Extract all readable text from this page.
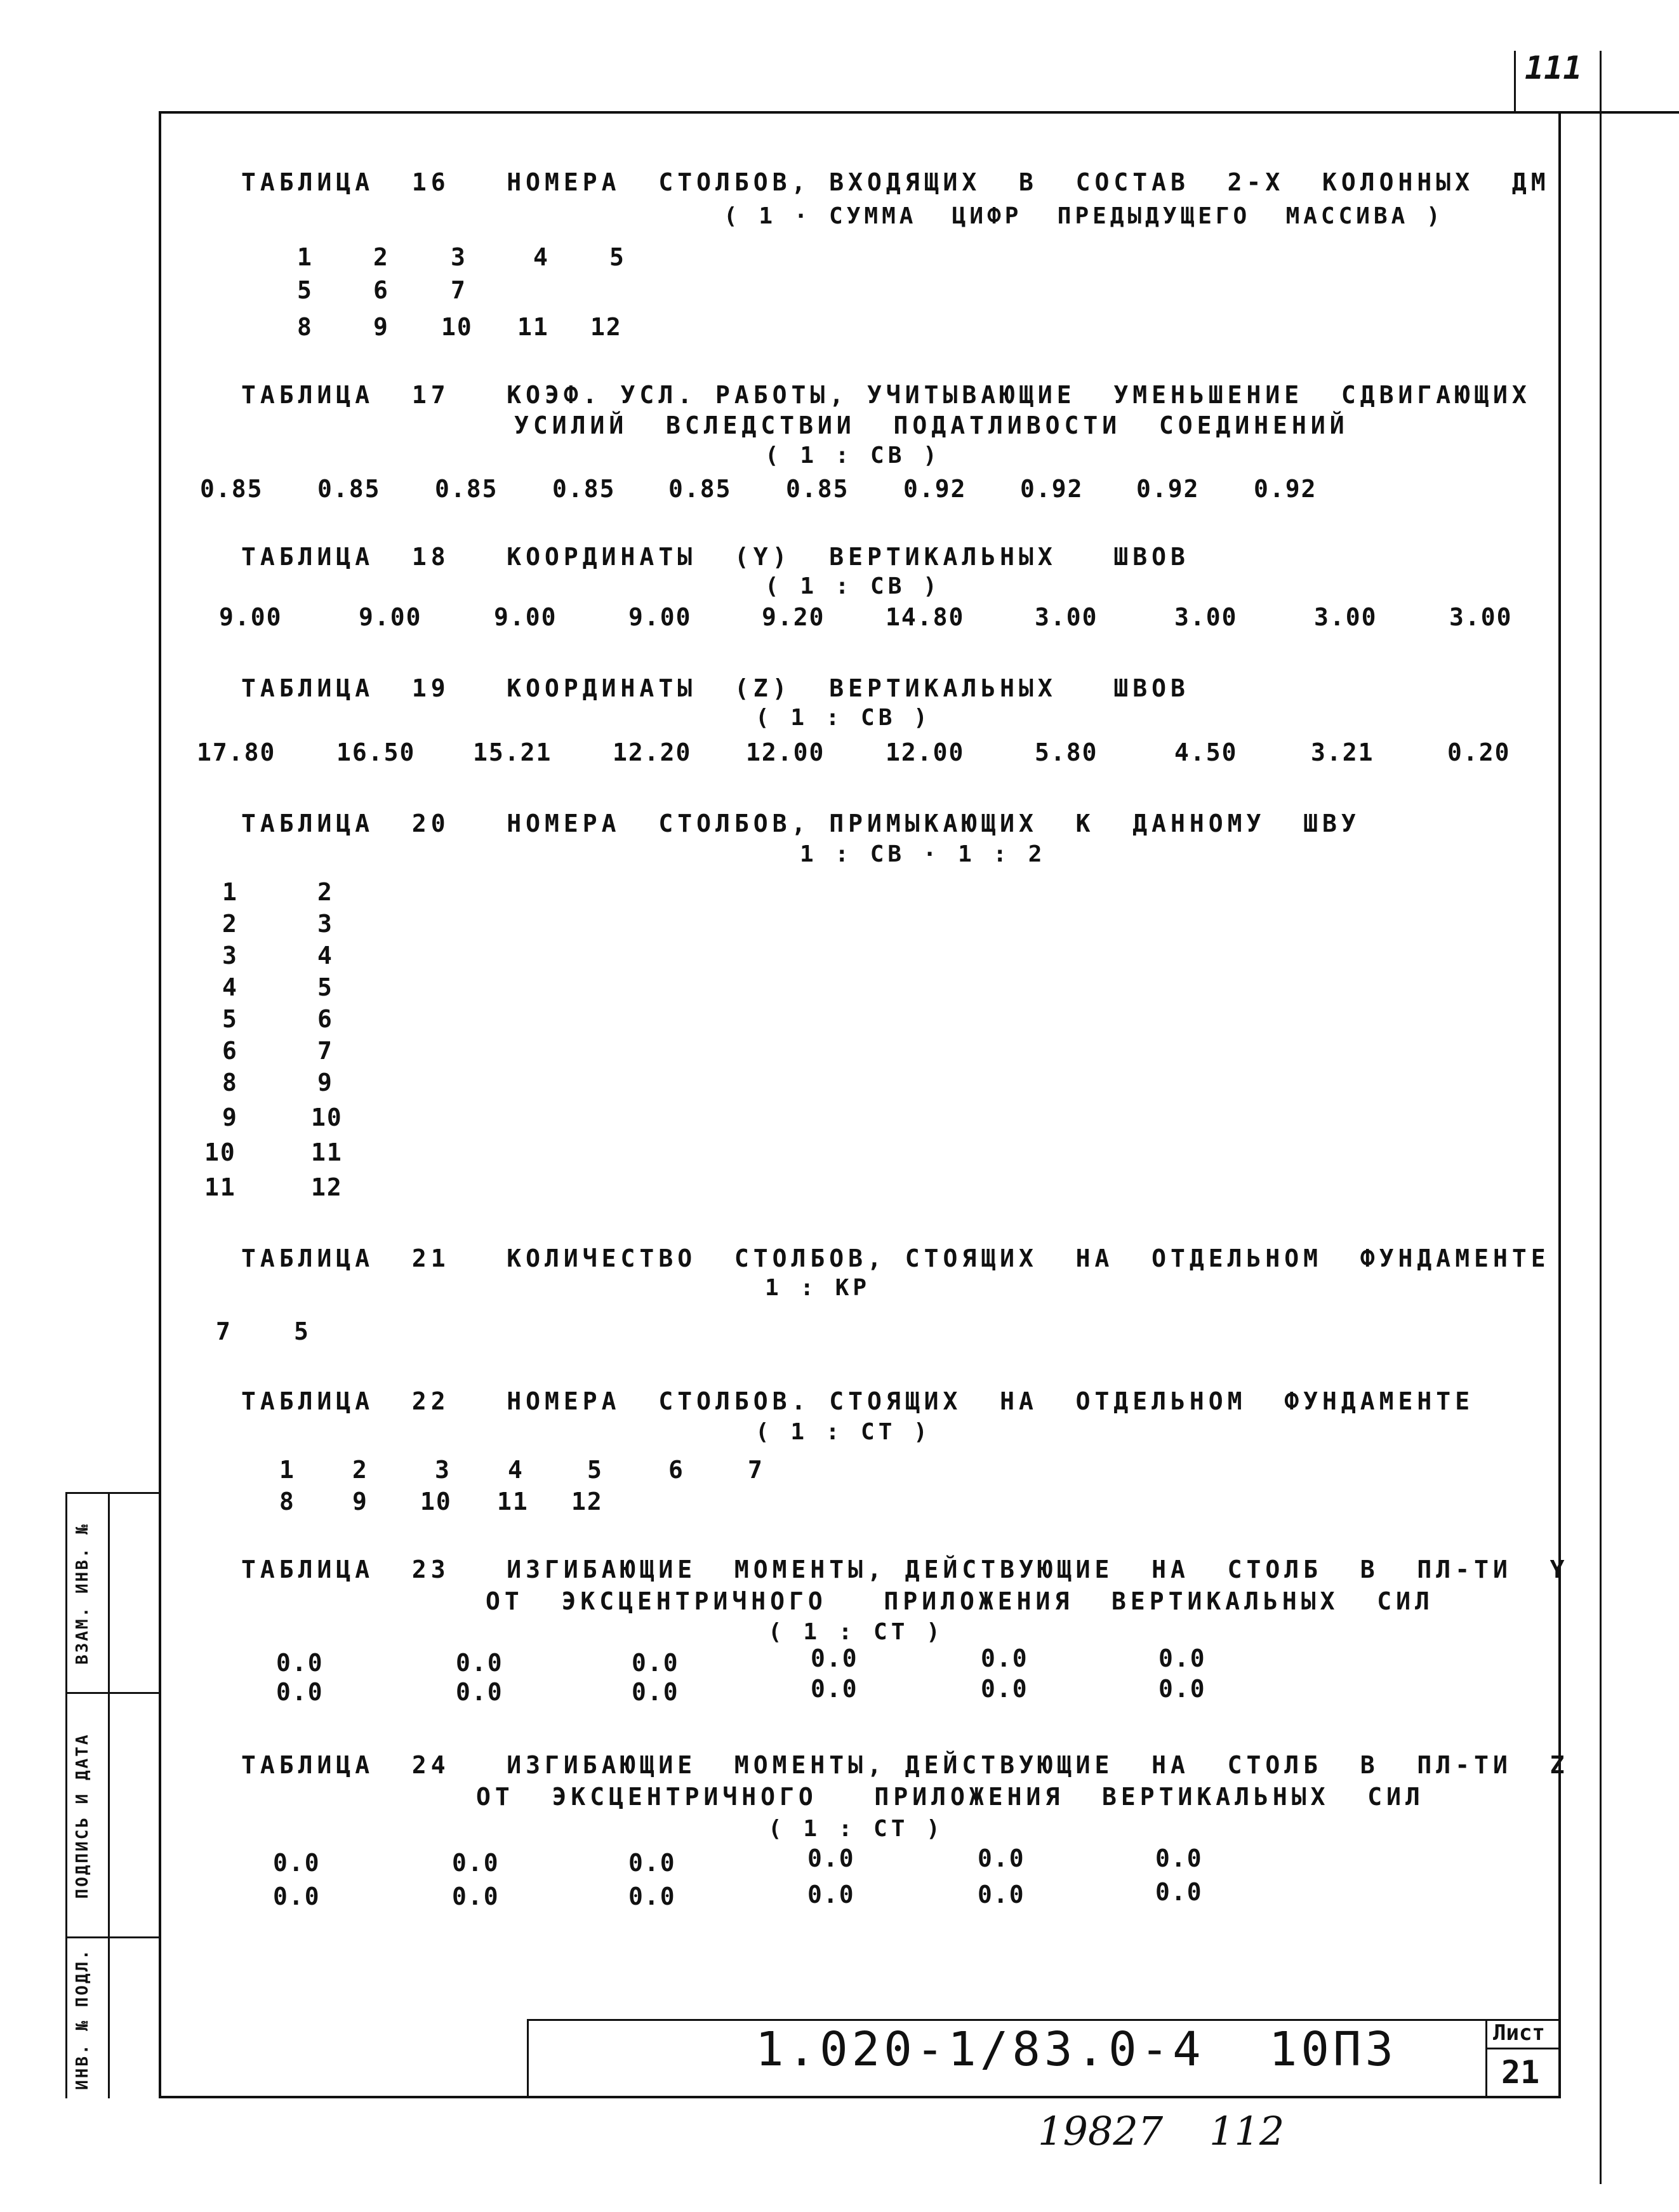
111
ВЗАМ. ИНВ. №
ПОДПИСЬ И ДАТА
ИНВ. № ПОДЛ.	1.020-1/83.0-4  10ПЗ	Лист
21
19827 112
ТАБЛИЦА  16   НОМЕРА  СТОЛБОВ, ВХОДЯЩИХ  В  СОСТАВ  2-Х  КОЛОННЫХ  ДМ
( 1 · СУММА  ЦИФР  ПРЕДЫДУЩЕГО  МАССИВА )
1	2	3	4	5
5	6	7
8	9 10 11 12
ТАБЛИЦА  17   КОЭФ. УСЛ. РАБОТЫ, УЧИТЫВАЮЩИЕ  УМЕНЬШЕНИЕ  СДВИГАЮЩИХ
УСИЛИЙ  ВСЛЕДСТВИИ  ПОДАТЛИВОСТИ  СОЕДИНЕНИЙ
( 1 : СВ )
0.85 0.85 0.85 0.85 0.85 0.85 0.92 0.92 0.92 0.92
ТАБЛИЦА  18   КООРДИНАТЫ  (Y)  ВЕРТИКАЛЬНЫХ   ШВОВ
( 1 : СВ )
9.00	9.00	9.00	9.00	9.20	14.80	3.00	3.00	3.00	3.00
ТАБЛИЦА  19   КООРДИНАТЫ  (Z)  ВЕРТИКАЛЬНЫХ   ШВОВ
( 1 : СВ )
17.80	16.50 15.21	12.20 12.00	12.00	5.80	4.50	3.21	0.20
ТАБЛИЦА  20   НОМЕРА  СТОЛБОВ, ПРИМЫКАЮЩИХ  К  ДАННОМУ  ШВУ
1 : СВ · 1 : 2
1	2
2	3
3	4
4	5
5	6
6	7
8	9
9	10
10	11
11	12
ТАБЛИЦА  21   КОЛИЧЕСТВО  СТОЛБОВ, СТОЯЩИХ  НА  ОТДЕЛЬНОМ  ФУНДАМЕНТЕ
1 : КР
7	5
ТАБЛИЦА  22   НОМЕРА  СТОЛБОВ. СТОЯЩИХ  НА  ОТДЕЛЬНОМ  ФУНДАМЕНТЕ
( 1 : СТ )
1 2	3 4	5	6	7
8 9 10 11 12
ТАБЛИЦА  23   ИЗГИБАЮЩИЕ  МОМЕНТЫ, ДЕЙСТВУЮЩИЕ  НА  СТОЛБ  В  ПЛ-ТИ  Y
ОТ  ЭКСЦЕНТРИЧНОГО   ПРИЛОЖЕНИЯ  ВЕРТИКАЛЬНЫХ  СИЛ
( 1 : СТ )
0.0	0.0	0.0	0.0	0.0	0.0
0.0	0.0	0.0	0.0	0.0	0.0
ТАБЛИЦА  24   ИЗГИБАЮЩИЕ  МОМЕНТЫ, ДЕЙСТВУЮЩИЕ  НА  СТОЛБ  В  ПЛ-ТИ  Z
ОТ  ЭКСЦЕНТРИЧНОГО   ПРИЛОЖЕНИЯ  ВЕРТИКАЛЬНЫХ  СИЛ
( 1 : СТ )
0.0	0.0	0.0	0.0	0.0	0.0
0.0	0.0	0.0	0.0	0.0	0.0
